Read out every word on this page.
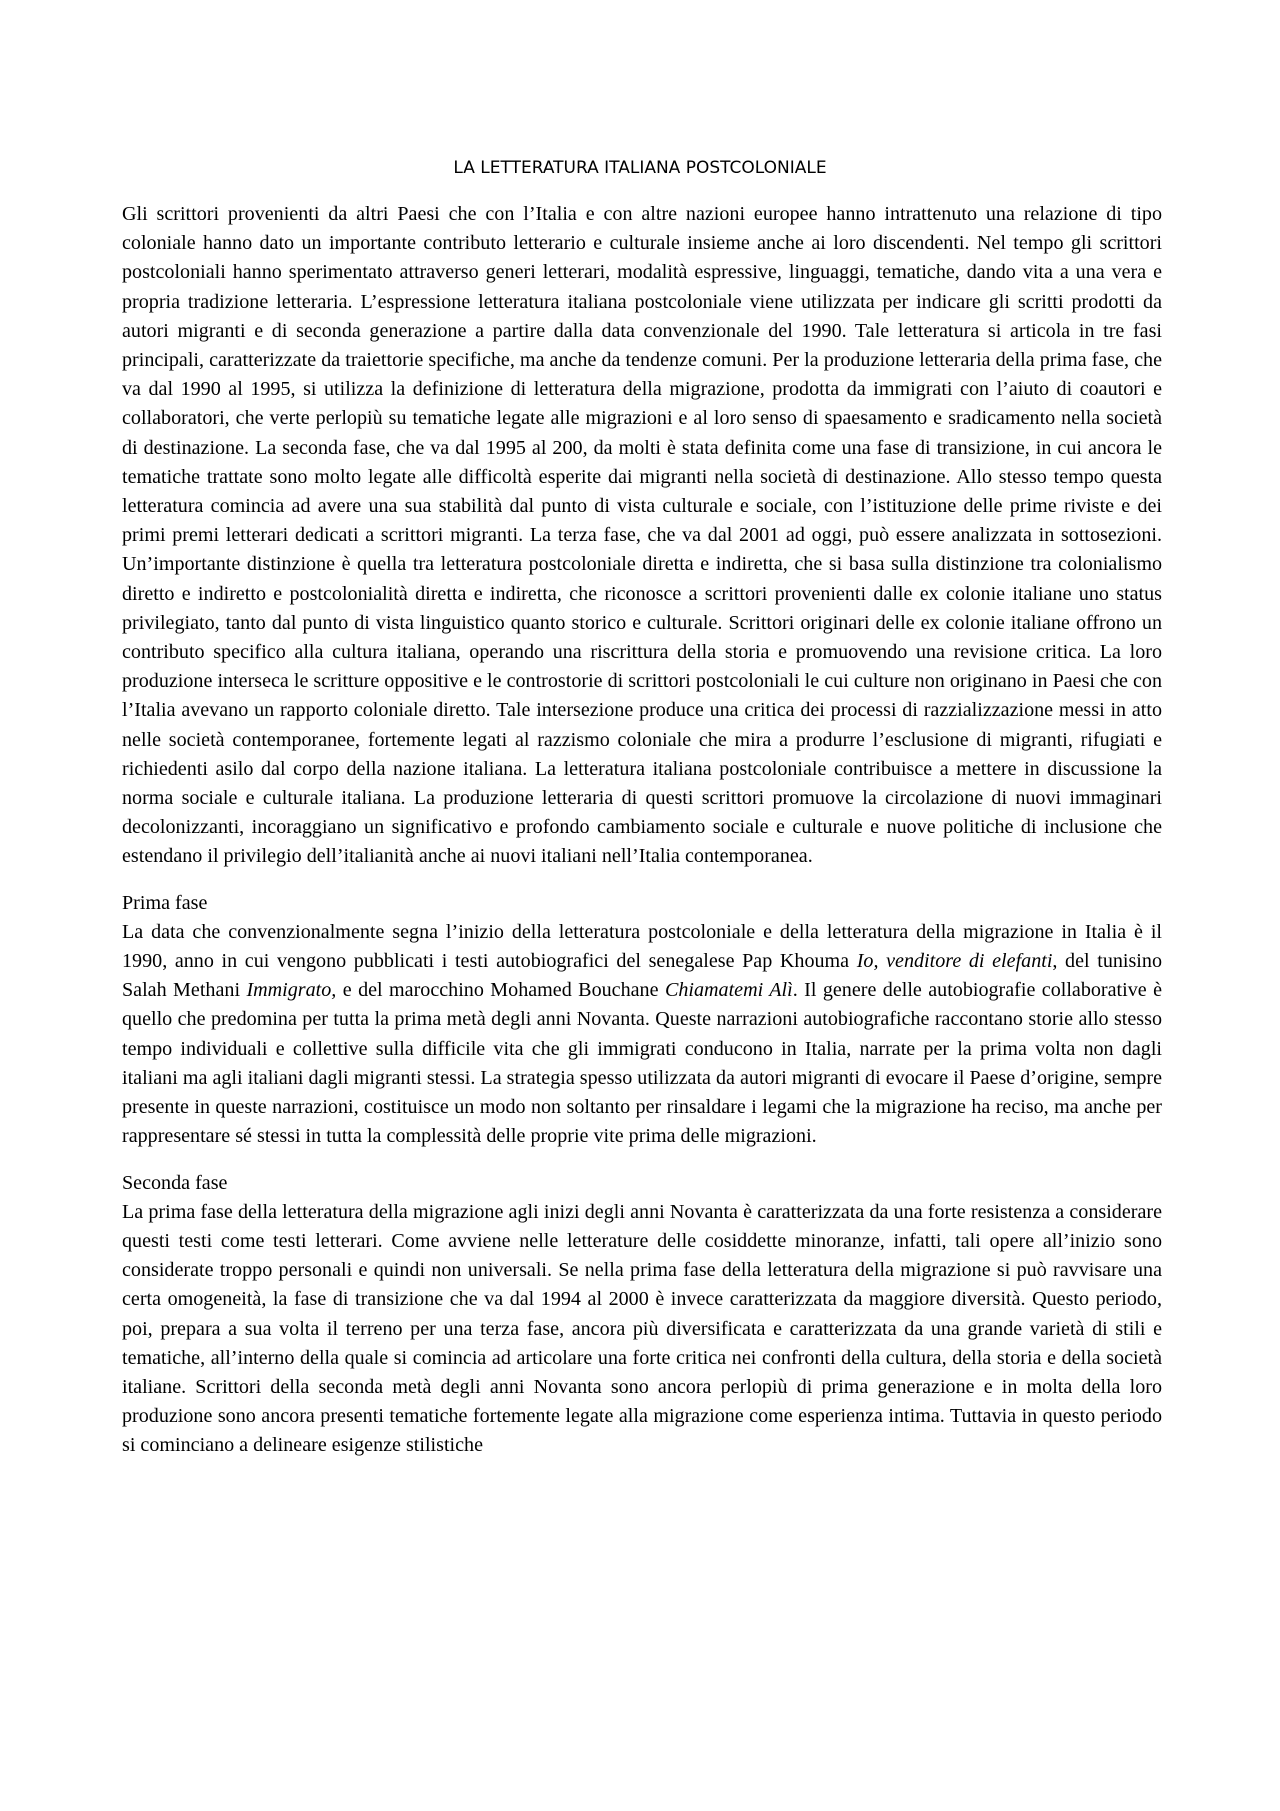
LA LETTERATURA ITALIANA POSTCOLONIALE

Gli scrittori provenienti da altri Paesi che con l’Italia e con altre nazioni europee hanno intrattenuto una relazione di tipo coloniale hanno dato un importante contributo letterario e culturale insieme anche ai loro discendenti. Nel tempo gli scrittori postcoloniali hanno sperimentato attraverso generi letterari, modalità espressive, linguaggi, tematiche, dando vita a una vera e propria tradizione letteraria. L’espressione letteratura italiana postcoloniale viene utilizzata per indicare gli scritti prodotti da autori migranti e di seconda generazione a partire dalla data convenzionale del 1990. Tale letteratura si articola in tre fasi principali, caratterizzate da traiettorie specifiche, ma anche da tendenze comuni. Per la produzione letteraria della prima fase, che va dal 1990 al 1995, si utilizza la definizione di letteratura della migrazione, prodotta da immigrati con l’aiuto di coautori e collaboratori, che verte perlopiù su tematiche legate alle migrazioni e al loro senso di spaesamento e sradicamento nella società di destinazione. La seconda fase, che va dal 1995 al 200, da molti è stata definita come una fase di transizione, in cui ancora le tematiche trattate sono molto legate alle difficoltà esperite dai migranti nella società di destinazione. Allo stesso tempo questa letteratura comincia ad avere una sua stabilità dal punto di vista culturale e sociale, con l’istituzione delle prime riviste e dei primi premi letterari dedicati a scrittori migranti. La terza fase, che va dal 2001 ad oggi, può essere analizzata in sottosezioni. Un’importante distinzione è quella tra letteratura postcoloniale diretta e indiretta, che si basa sulla distinzione tra colonialismo diretto e indiretto e postcolonialità diretta e indiretta, che riconosce a scrittori provenienti dalle ex colonie italiane uno status privilegiato, tanto dal punto di vista linguistico quanto storico e culturale. Scrittori originari delle ex colonie italiane offrono un contributo specifico alla cultura italiana, operando una riscrittura della storia e promuovendo una revisione critica. La loro produzione interseca le scritture oppositive e le controstorie di scrittori postcoloniali le cui culture non originano in Paesi che con l’Italia avevano un rapporto coloniale diretto. Tale intersezione produce una critica dei processi di razzializzazione messi in atto nelle società contemporanee, fortemente legati al razzismo coloniale che mira a produrre l’esclusione di migranti, rifugiati e richiedenti asilo dal corpo della nazione italiana. La letteratura italiana postcoloniale contribuisce a mettere in discussione la norma sociale e culturale italiana. La produzione letteraria di questi scrittori promuove la circolazione di nuovi immaginari decolonizzanti, incoraggiano un significativo e profondo cambiamento sociale e culturale e nuove politiche di inclusione che estendano il privilegio dell’italianità anche ai nuovi italiani nell’Italia contemporanea.

Prima fase
La data che convenzionalmente segna l’inizio della letteratura postcoloniale e della letteratura della migrazione in Italia è il 1990, anno in cui vengono pubblicati i testi autobiografici del senegalese Pap Khouma Io, venditore di elefanti, del tunisino Salah Methani Immigrato, e del marocchino Mohamed Bouchane Chiamatemi Alì. Il genere delle autobiografie collaborative è quello che predomina per tutta la prima metà degli anni Novanta. Queste narrazioni autobiografiche raccontano storie allo stesso tempo individuali e collettive sulla difficile vita che gli immigrati conducono in Italia, narrate per la prima volta non dagli italiani ma agli italiani dagli migranti stessi. La strategia spesso utilizzata da autori migranti di evocare il Paese d’origine, sempre presente in queste narrazioni, costituisce un modo non soltanto per rinsaldare i legami che la migrazione ha reciso, ma anche per rappresentare sé stessi in tutta la complessità delle proprie vite prima delle migrazioni.

Seconda fase
La prima fase della letteratura della migrazione agli inizi degli anni Novanta è caratterizzata da una forte resistenza a considerare questi testi come testi letterari. Come avviene nelle letterature delle cosiddette minoranze, infatti, tali opere all’inizio sono considerate troppo personali e quindi non universali. Se nella prima fase della letteratura della migrazione si può ravvisare una certa omogeneità, la fase di transizione che va dal 1994 al 2000 è invece caratterizzata da maggiore diversità. Questo periodo, poi, prepara a sua volta il terreno per una terza fase, ancora più diversificata e caratterizzata da una grande varietà di stili e tematiche, all’interno della quale si comincia ad articolare una forte critica nei confronti della cultura, della storia e della società italiane. Scrittori della seconda metà degli anni Novanta sono ancora perlopiù di prima generazione e in molta della loro produzione sono ancora presenti tematiche fortemente legate alla migrazione come esperienza intima. Tuttavia in questo periodo si cominciano a delineare esigenze stilistiche
